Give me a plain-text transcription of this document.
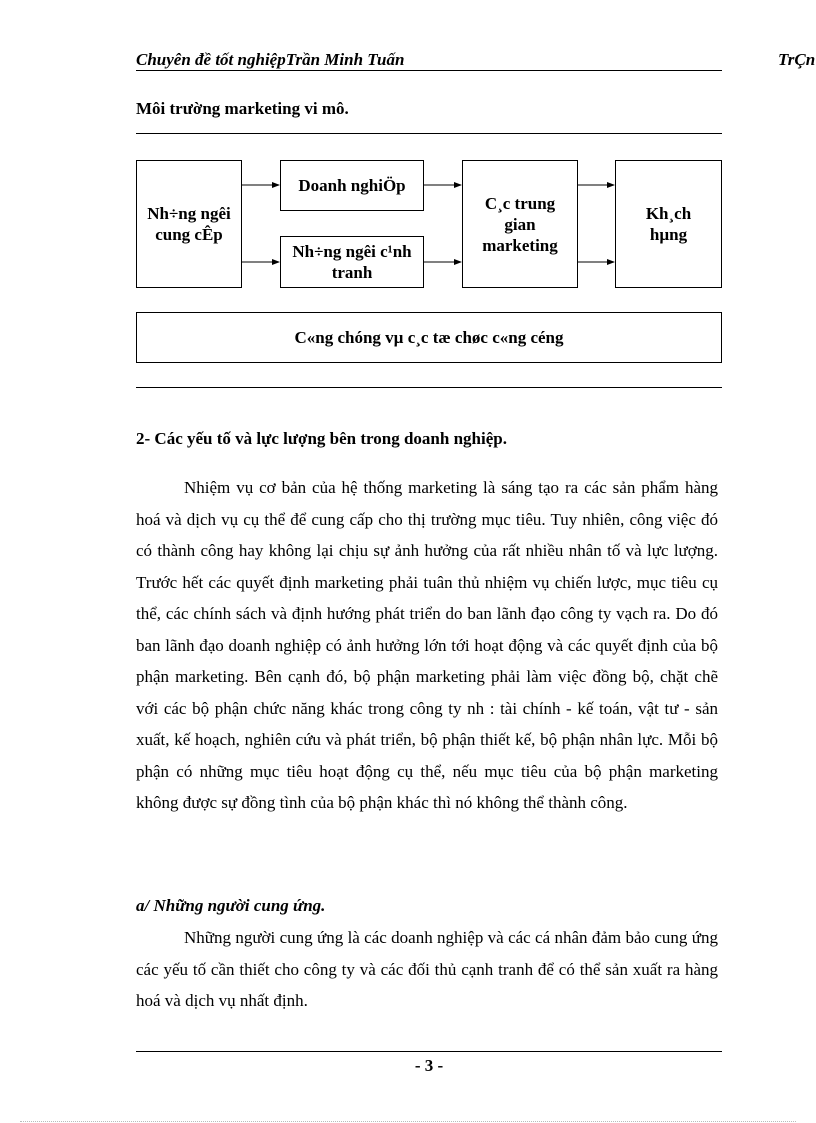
Chuyên đề tốt nghiệpTrần Minh Tuấn	TrÇn
Môi trường marketing vi mô.
Nh÷ng ngêi cung cÊp
Doanh nghiÖp
Nh÷ng ngêi c¹nh tranh
C¸c trung gian marketing
Kh¸ch hµng
C«ng chóng vµ c¸c tæ chøc c«ng céng
2- Các yếu tố và lực lượng bên trong doanh nghiệp.
Nhiệm vụ cơ bản của hệ thống marketing là sáng tạo ra các sản phẩm hàng hoá và dịch vụ cụ thể để cung cấp cho thị trường mục tiêu. Tuy nhiên, công việc đó có thành công hay không lại chịu sự ảnh hưởng của rất nhiều nhân tố và lực lượng. Trước hết các quyết định marketing phải tuân thủ nhiệm vụ chiến lược, mục tiêu cụ thể, các chính sách và định hướng phát triển do ban lãnh đạo công ty vạch ra. Do đó ban lãnh đạo doanh nghiệp có ảnh hưởng lớn tới hoạt động và các quyết định của bộ phận marketing. Bên cạnh đó, bộ phận marketing phải làm việc đồng bộ, chặt chẽ với các bộ phận chức năng khác trong công ty nh : tài chính - kế toán, vật tư - sản xuất, kế hoạch, nghiên cứu và phát triển, bộ phận thiết kế, bộ phận nhân lực. Mỗi bộ phận có những mục tiêu hoạt động cụ thể, nếu mục tiêu của bộ phận marketing không được sự đồng tình của bộ phận khác thì nó không thể thành công.
a/ Những người cung ứng.
Những người cung ứng là các doanh nghiệp và các cá nhân đảm bảo cung ứng các yếu tố cần thiết cho công ty và các đối thủ cạnh tranh để có thể sản xuất ra hàng hoá và dịch vụ nhất định.
- 3 -
